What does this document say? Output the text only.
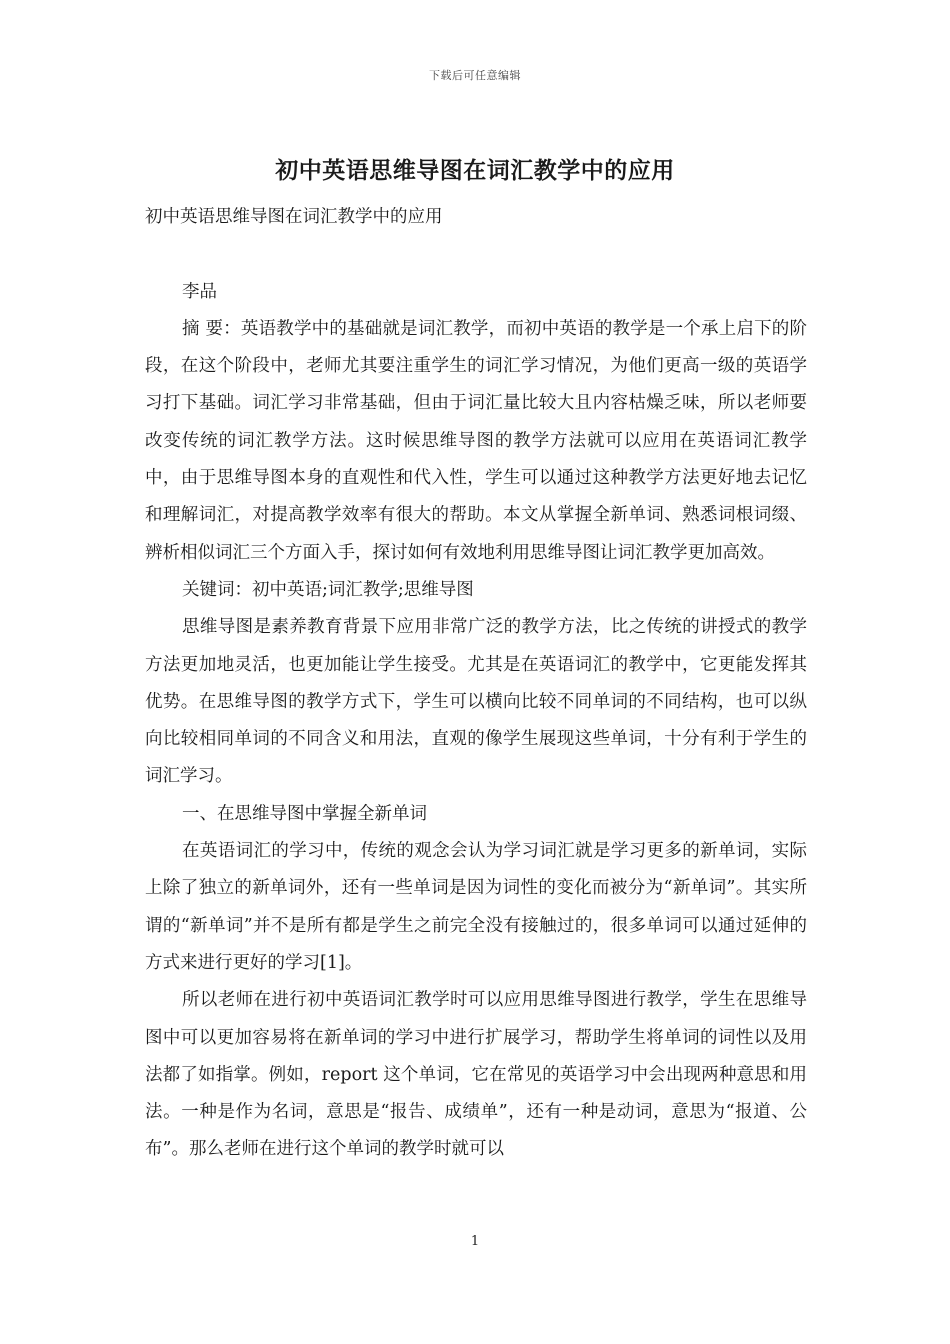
下载后可任意编辑
初中英语思维导图在词汇教学中的应用

初中英语思维导图在词汇教学中的应用

李品

摘 要：英语教学中的基础就是词汇教学，而初中英语的教学是一个承上启下的阶段，在这个阶段中，老师尤其要注重学生的词汇学习情况，为他们更高一级的英语学习打下基础。词汇学习非常基础，但由于词汇量比较大且内容枯燥乏味，所以老师要改变传统的词汇教学方法。这时候思维导图的教学方法就可以应用在英语词汇教学中，由于思维导图本身的直观性和代入性，学生可以通过这种教学方法更好地去记忆和理解词汇，对提高教学效率有很大的帮助。本文从掌握全新单词、熟悉词根词缀、辨析相似词汇三个方面入手，探讨如何有效地利用思维导图让词汇教学更加高效。

关键词：初中英语;词汇教学;思维导图

思维导图是素养教育背景下应用非常广泛的教学方法，比之传统的讲授式的教学方法更加地灵活，也更加能让学生接受。尤其是在英语词汇的教学中，它更能发挥其优势。在思维导图的教学方式下，学生可以横向比较不同单词的不同结构，也可以纵向比较相同单词的不同含义和用法，直观的像学生展现这些单词，十分有利于学生的词汇学习。

一、在思维导图中掌握全新单词

在英语词汇的学习中，传统的观念会认为学习词汇就是学习更多的新单词，实际上除了独立的新单词外，还有一些单词是因为词性的变化而被分为“新单词”。其实所谓的“新单词”并不是所有都是学生之前完全没有接触过的，很多单词可以通过延伸的方式来进行更好的学习[1]。

所以老师在进行初中英语词汇教学时可以应用思维导图进行教学，学生在思维导图中可以更加容易将在新单词的学习中进行扩展学习，帮助学生将单词的词性以及用法都了如指掌。例如，report 这个单词，它在常见的英语学习中会出现两种意思和用法。一种是作为名词，意思是“报告、成绩单”，还有一种是动词，意思为“报道、公布”。那么老师在进行这个单词的教学时就可以

1
